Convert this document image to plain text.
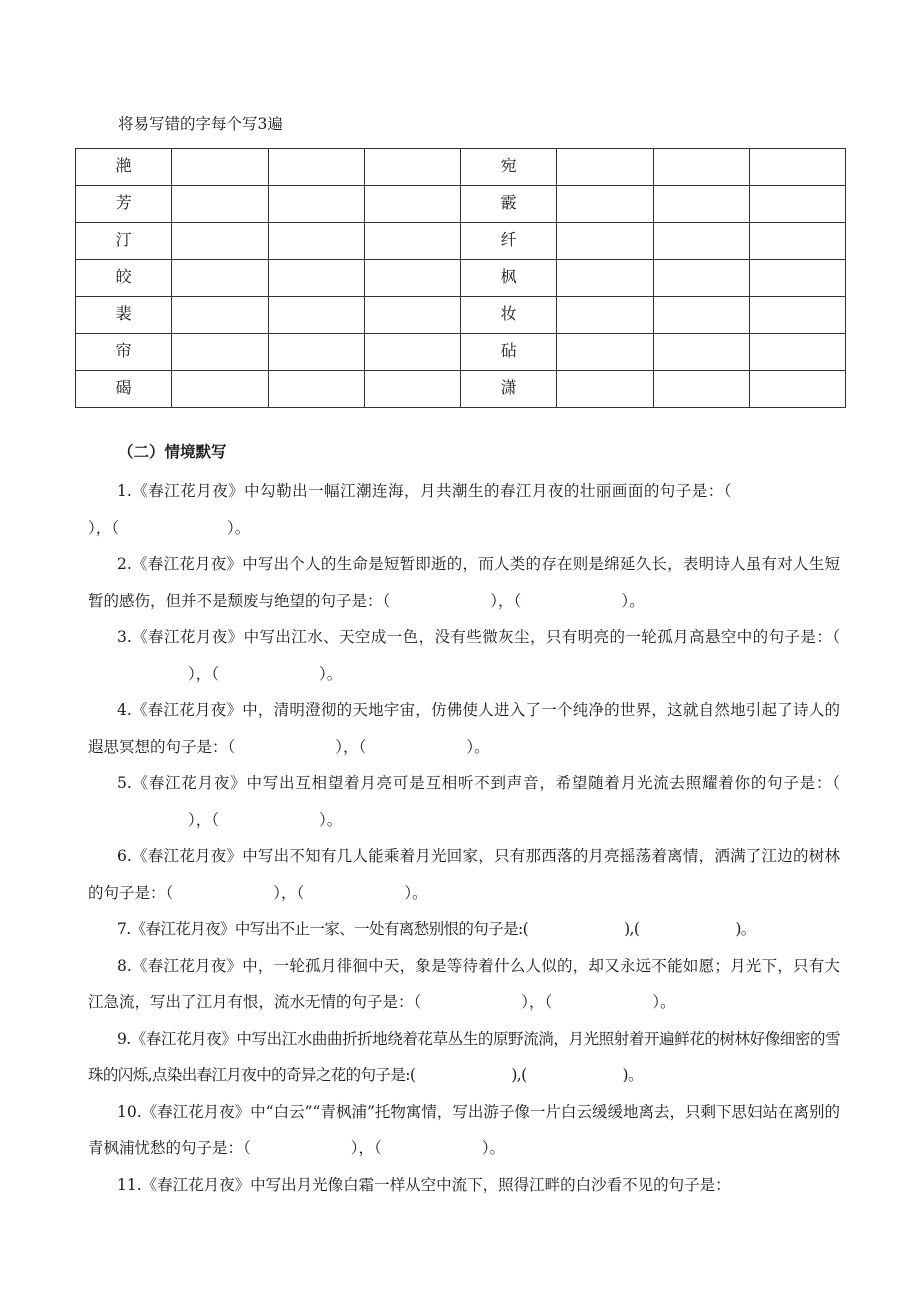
将易写错的字每个写3遍
滟				宛			

芳				霰			

汀				纤			

皎				枫			

裴				妆			

帘				砧			

碣				潇			

（二）情境默写

1.《春江花月夜》中勾勒出一幅江潮连海，月共潮生的春江月夜的壮丽画面的句子是：（），（	）。

2.《春江花月夜》中写出个人的生命是短暂即逝的，而人类的存在则是绵延久长，表明诗人虽有对人生短暂的感伤，但并不是颓废与绝望的句子是：（	），（	）。

3.《春江花月夜》中写出江水、天空成一色，没有些微灰尘，只有明亮的一轮孤月高悬空中的句子是：（），（	）。

4.《春江花月夜》中，清明澄彻的天地宇宙，仿佛使人进入了一个纯净的世界，这就自然地引起了诗人的遐思冥想的句子是：（	），（	）。

5.《春江花月夜》中写出互相望着月亮可是互相听不到声音，希望随着月光流去照耀着你的句子是：（），（	）。

6.《春江花月夜》中写出不知有几人能乘着月光回家，只有那西落的月亮摇荡着离情，洒满了江边的树林的句子是：（	），（	）。

7.《春江花月夜》中写出不止一家、一处有离愁别恨的句子是:(	),(	)。

8.《春江花月夜》中，一轮孤月徘徊中天，象是等待着什么人似的，却又永远不能如愿；月光下，只有大江急流，写出了江月有恨，流水无情的句子是：（	），（	）。

9.《春江花月夜》中写出江水曲曲折折地绕着花草丛生的原野流淌，月光照射着开遍鲜花的树林好像细密的雪珠的闪烁,点染出春江月夜中的奇异之花的句子是:(	),(	)。

10.《春江花月夜》中“白云”“青枫浦”托物寓情，写出游子像一片白云缓缓地离去，只剩下思妇站在离别的青枫浦忧愁的句子是：（	），（	）。

11.《春江花月夜》中写出月光像白霜一样从空中流下，照得江畔的白沙看不见的句子是：
